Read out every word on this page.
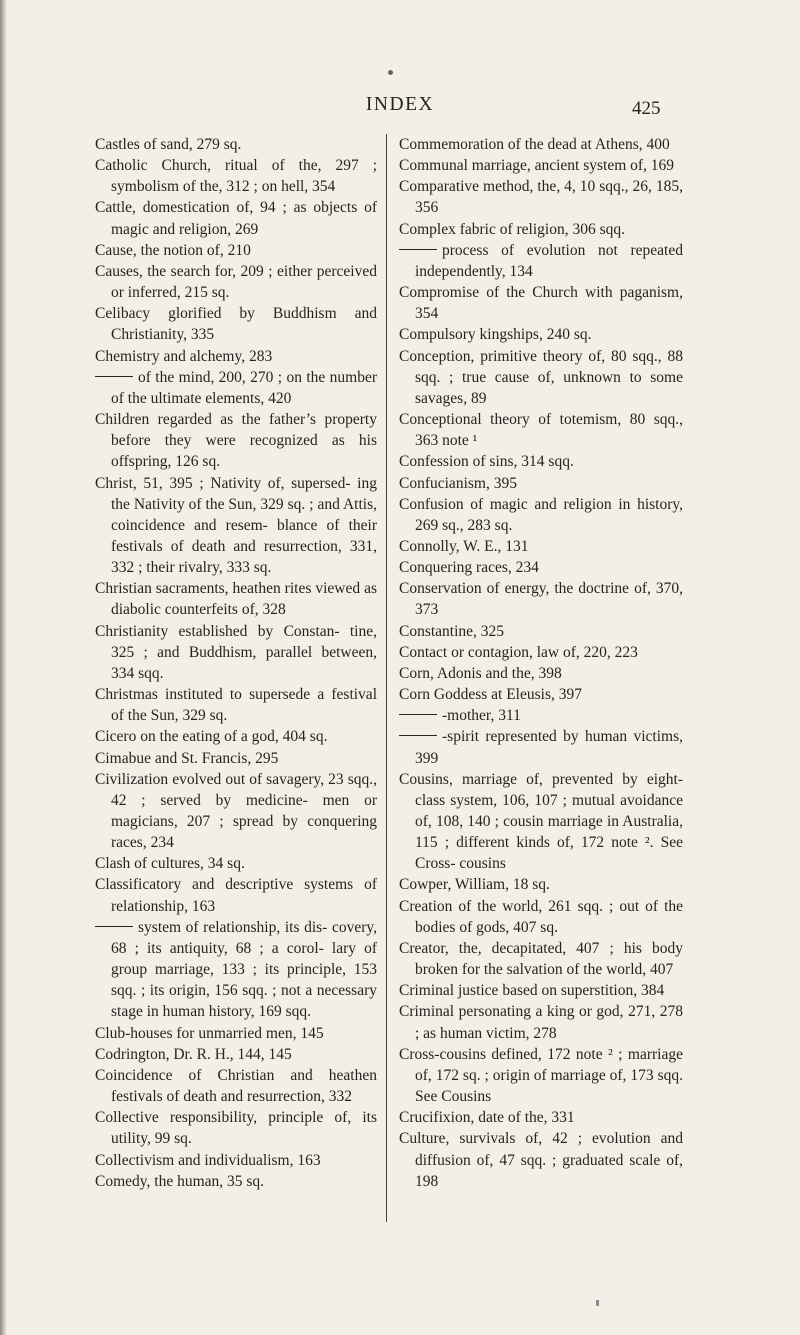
INDEX	425

Castles of sand, 279 sq.

Catholic Church, ritual of the, 297 ; symbolism of the, 312 ; on hell, 354

Cattle, domestication of, 94 ; as objects of magic and religion, 269

Cause, the notion of, 210

Causes, the search for, 209 ; either perceived or inferred, 215 sq.

Celibacy glorified by Buddhism and Christianity, 335

Chemistry and alchemy, 283

of the mind, 200, 270 ; on the number of the ultimate elements, 420

Children regarded as the father’s property before they were recognized as his offspring, 126 sq.

Christ, 51, 395 ; Nativity of, supersed- ing the Nativity of the Sun, 329 sq. ; and Attis, coincidence and resem- blance of their festivals of death and resurrection, 331, 332 ; their rivalry, 333 sq.

Christian sacraments, heathen rites viewed as diabolic counterfeits of, 328

Christianity established by Constan- tine, 325 ; and Buddhism, parallel between, 334 sqq.

Christmas instituted to supersede a festival of the Sun, 329 sq.

Cicero on the eating of a god, 404 sq.

Cimabue and St. Francis, 295

Civilization evolved out of savagery, 23 sqq., 42 ; served by medicine- men or magicians, 207 ; spread by conquering races, 234

Clash of cultures, 34 sq.

Classificatory and descriptive systems of relationship, 163

system of relationship, its dis- covery, 68 ; its antiquity, 68 ; a corol- lary of group marriage, 133 ; its principle, 153 sqq. ; its origin, 156 sqq. ; not a necessary stage in human history, 169 sqq.

Club-houses for unmarried men, 145

Codrington, Dr. R. H., 144, 145

Coincidence of Christian and heathen festivals of death and resurrection, 332

Collective responsibility, principle of, its utility, 99 sq.

Collectivism and individualism, 163

Comedy, the human, 35 sq.

Commemoration of the dead at Athens, 400

Communal marriage, ancient system of, 169

Comparative method, the, 4, 10 sqq., 26, 185, 356

Complex fabric of religion, 306 sqq.

process of evolution not repeated independently, 134

Compromise of the Church with paganism, 354

Compulsory kingships, 240 sq.

Conception, primitive theory of, 80 sqq., 88 sqq. ; true cause of, unknown to some savages, 89

Conceptional theory of totemism, 80 sqq., 363 note ¹

Confession of sins, 314 sqq.

Confucianism, 395

Confusion of magic and religion in history, 269 sq., 283 sq.

Connolly, W. E., 131

Conquering races, 234

Conservation of energy, the doctrine of, 370, 373

Constantine, 325

Contact or contagion, law of, 220, 223

Corn, Adonis and the, 398

Corn Goddess at Eleusis, 397

-mother, 311

-spirit represented by human victims, 399

Cousins, marriage of, prevented by eight-class system, 106, 107 ; mutual avoidance of, 108, 140 ; cousin marriage in Australia, 115 ; different kinds of, 172 note ². See Cross- cousins

Cowper, William, 18 sq.

Creation of the world, 261 sqq. ; out of the bodies of gods, 407 sq.

Creator, the, decapitated, 407 ; his body broken for the salvation of the world, 407

Criminal justice based on superstition, 384

Criminal personating a king or god, 271, 278 ; as human victim, 278

Cross-cousins defined, 172 note ² ; marriage of, 172 sq. ; origin of marriage of, 173 sqq. See Cousins

Crucifixion, date of the, 331

Culture, survivals of, 42 ; evolution and diffusion of, 47 sqq. ; graduated scale of, 198
